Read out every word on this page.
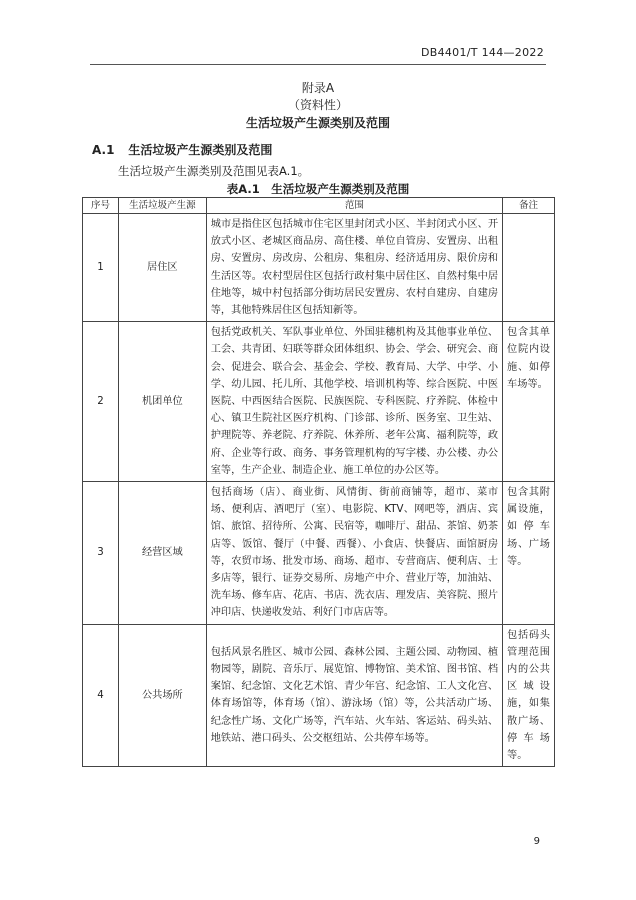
DB4401/T 144—2022
附录A
（资料性）
生活垃圾产生源类别及范围
A.1 生活垃圾产生源类别及范围
生活垃圾产生源类别及范围见表A.1。
表A.1　生活垃圾产生源类别及范围
序号	生活垃圾产生源	范围	备注
1	居住区	城市是指住区包括城市住宅区里封闭式小区、半封闭式小区、开放式小区、老城区商品房、高住楼、单位自管房、安置房、出租房、安置房、房改房、公租房、集租房、经济适用房、限价房和生活区等。农村型居住区包括行政村集中居住区、自然村集中居住地等，城中村包括部分街坊居民安置房、农村自建房、自建房等，其他特殊居住区包括知新等。	
2	机团单位	包括党政机关、军队事业单位、外国驻穗机构及其他事业单位、工会、共青团、妇联等群众团体组织、协会、学会、研究会、商会、促进会、联合会、基金会、学校、教育局、大学、中学、小学、幼儿园、托儿所、其他学校、培训机构等、综合医院、中医医院、中西医结合医院、民族医院、专科医院、疗养院、体检中心、镇卫生院社区医疗机构、门诊部、诊所、医务室、卫生站、护理院等、养老院、疗养院、休养所、老年公寓、福利院等，政府、企业等行政、商务、事务管理机构的写字楼、办公楼、办公室等，生产企业、制造企业、施工单位的办公区等。	包含其单位院内设施、如停车场等。
3	经营区域	包括商场（店）、商业街、风情街、街前商铺等，超市、菜市场、便利店、酒吧厅（室）、电影院、KTV、网吧等，酒店、宾馆、旅馆、招待所、公寓、民宿等，咖啡厅、甜品、茶馆、奶茶店等、饭馆、餐厅（中餐、西餐）、小食店、快餐店、面馆厨房等，农贸市场、批发市场、商场、超市、专营商店、便利店、士多店等，银行、证券交易所、房地产中介、营业厅等，加油站、洗车场、修车店、花店、书店、洗衣店、理发店、美容院、照片冲印店、快递收发站、利好门市店店等。	包含其附属设施，如停车场、广场等。
4	公共场所	包括风景名胜区、城市公园、森林公园、主题公园、动物园、植物园等，剧院、音乐厅、展览馆、博物馆、美术馆、图书馆、档案馆、纪念馆、文化艺术馆、青少年宫、纪念馆、工人文化宫、体育场馆等，体育场（馆）、游泳场（馆）等，公共活动广场、纪念性广场、文化广场等，汽车站、火车站、客运站、码头站、地铁站、港口码头、公交枢纽站、公共停车场等。	包括码头管理范围内的公共区域设施，如集散广场、停车场等。
9
